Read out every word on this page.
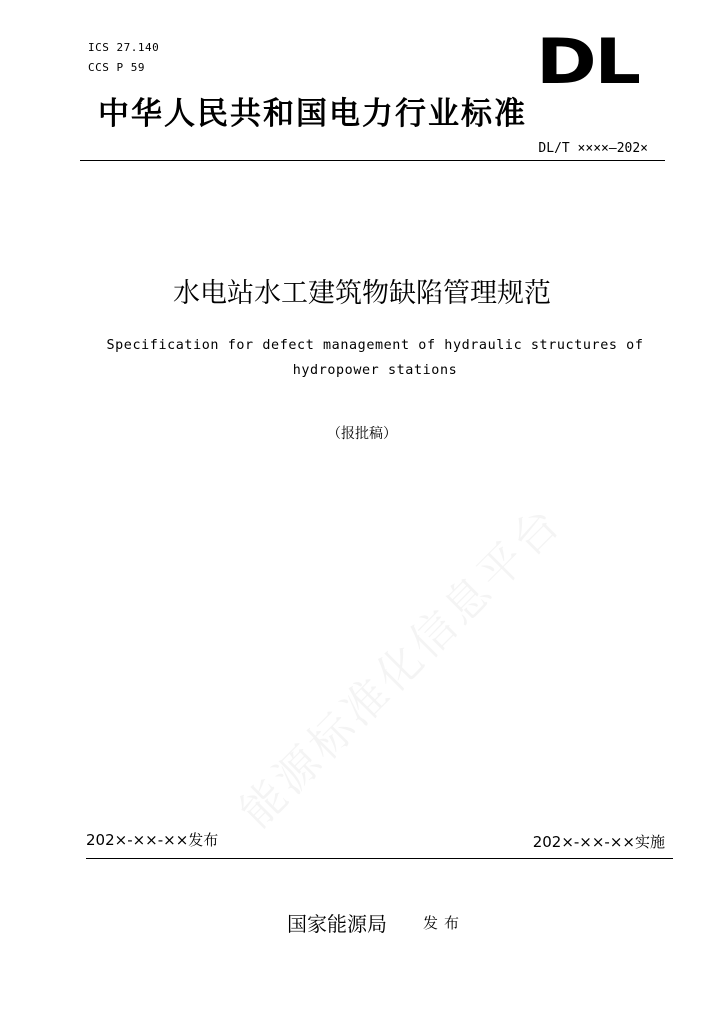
ICS 27.140
CCS P 59	DL
中华人民共和国电力行业标准
DL/T ××××—202×
水电站水工建筑物缺陷管理规范
Specification for defect management of hydraulic structures of hydropower stations
（报批稿）
202×-××-××发布	202×-××-××实施
国家能源局 发布
